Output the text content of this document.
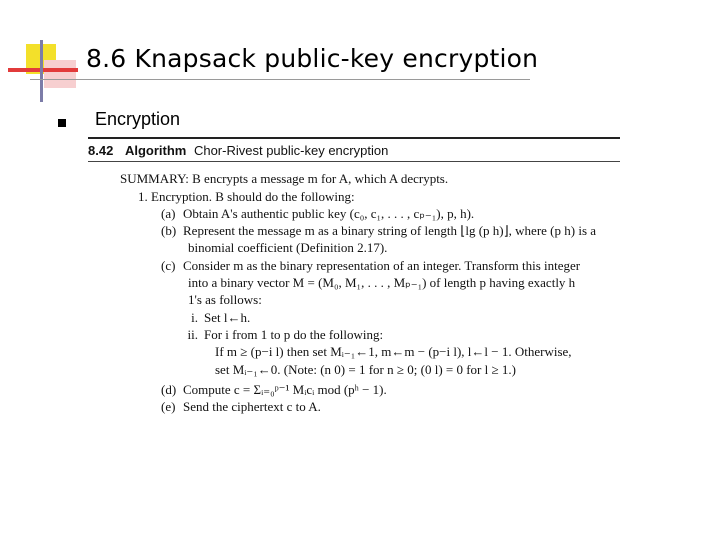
8.6 Knapsack public-key encryption
Encryption
8.42 Algorithm Chor-Rivest public-key encryption
SUMMARY: B encrypts a message m for A, which A decrypts.
1. Encryption. B should do the following:
(a) Obtain A's authentic public key (c₀, c₁, . . . , cₚ₋₁), p, h).
(b) Represent the message m as a binary string of length ⌊lg (p h)⌋, where (p h) is a
binomial coefficient (Definition 2.17).
(c) Consider m as the binary representation of an integer. Transform this integer
into a binary vector M = (M₀, M₁, . . . , Mₚ₋₁) of length p having exactly h
1's as follows:
i. Set l←h.
ii. For i from 1 to p do the following:
If m ≥ (p−i l) then set Mᵢ₋₁←1, m←m − (p−i l), l←l − 1. Otherwise,
set Mᵢ₋₁←0. (Note: (n 0) = 1 for n ≥ 0; (0 l) = 0 for l ≥ 1.)
(d) Compute c = Σᵢ₌₀ᵖ⁻¹ Mᵢcᵢ mod (pʰ − 1).
(e) Send the ciphertext c to A.
